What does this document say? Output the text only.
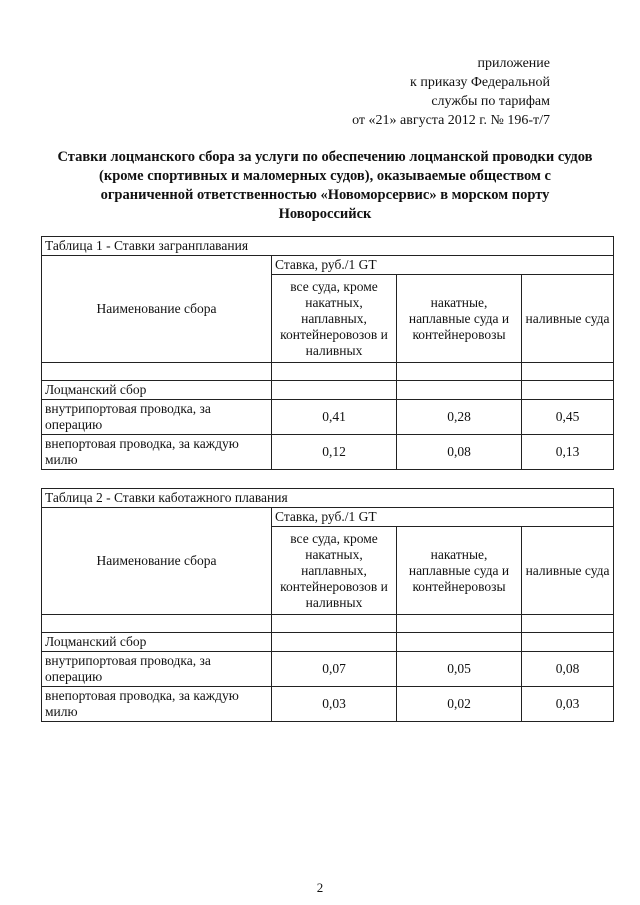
приложение
к приказу Федеральной
службы по тарифам
от «21» августа 2012 г. № 196-т/7
Ставки лоцманского сбора за услуги по обеспечению лоцманской проводки судов
(кроме спортивных и маломерных судов), оказываемые обществом с
ограниченной ответственностью «Новоморсервис» в морском порту
Новороссийск
Таблица 1 - Ставки загранплавания			
Наименование сбора	Ставка, руб./1 GT		
	все суда, кроме накатных, наплавных, контейнеровозов и наливных	накатные, наплавные суда и контейнеровозы	наливные суда

Лоцманский сбор			
внутрипортовая проводка, за операцию	0,41	0,28	0,45
внепортовая проводка, за каждую милю	0,12	0,08	0,13
Таблица 2 - Ставки каботажного плавания			
Наименование сбора	Ставка, руб./1 GT		
	все суда, кроме накатных, наплавных, контейнеровозов и наливных	накатные, наплавные суда и контейнеровозы	наливные суда

Лоцманский сбор			
внутрипортовая проводка, за операцию	0,07	0,05	0,08
внепортовая проводка, за каждую милю	0,03	0,02	0,03
2
